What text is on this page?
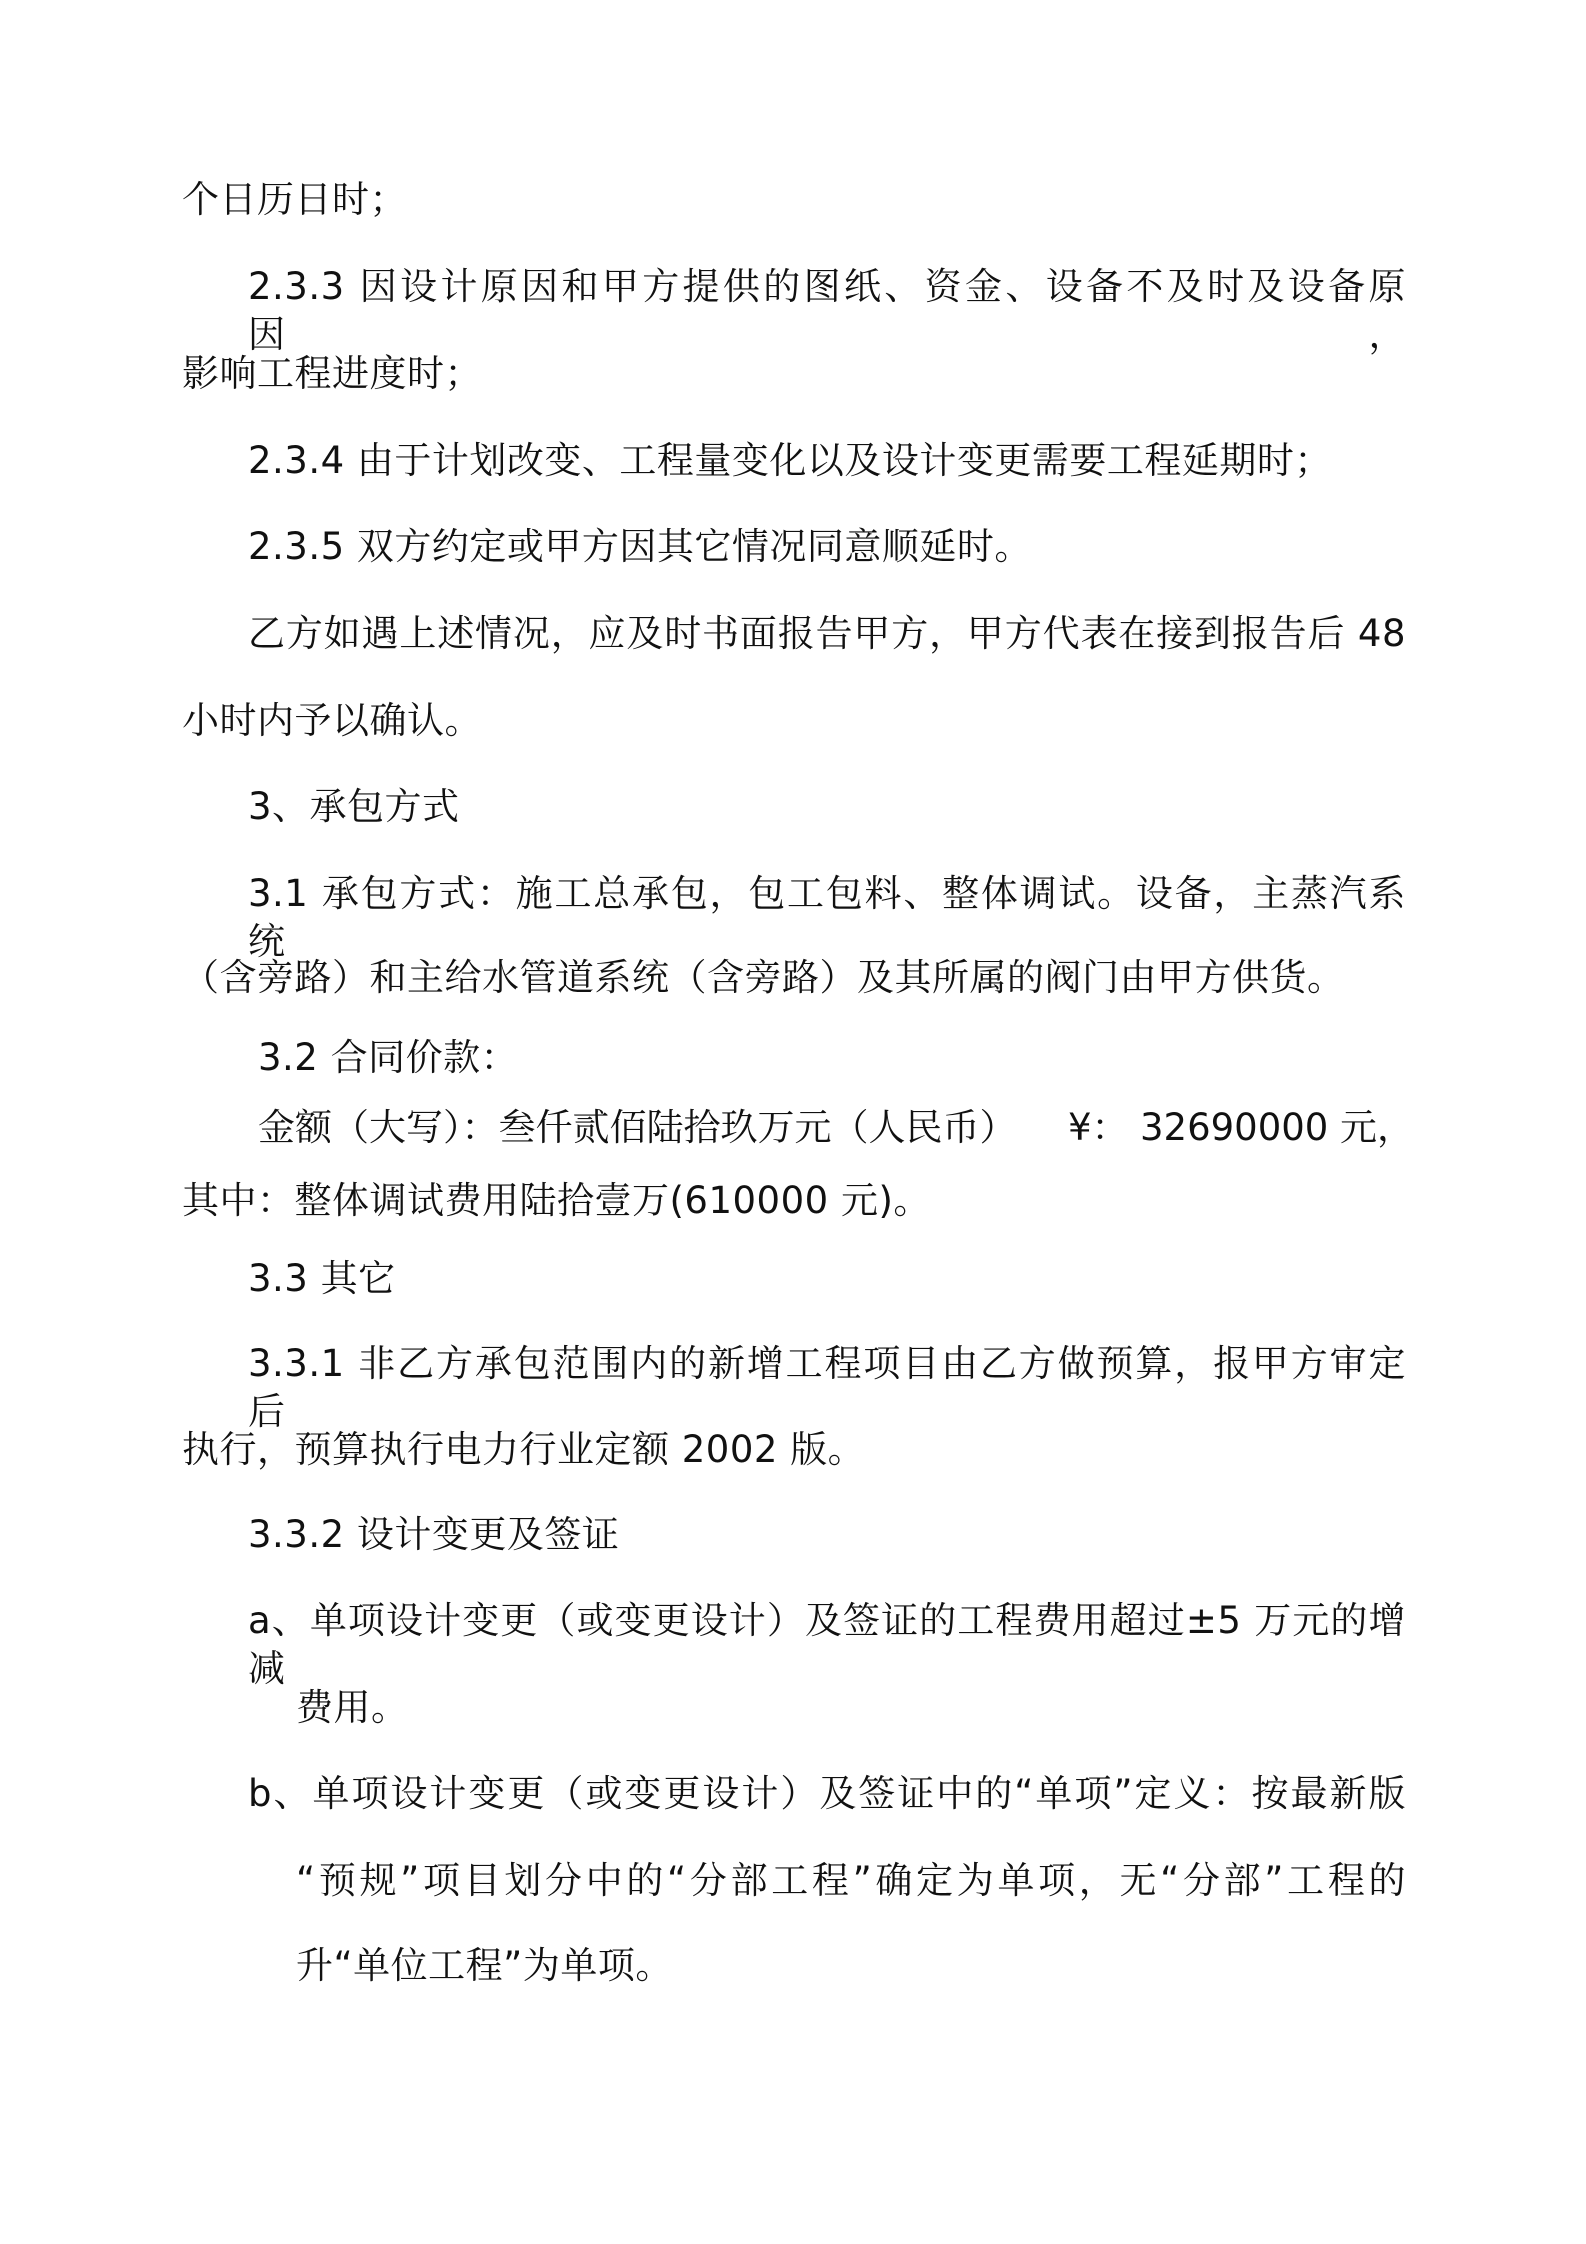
个日历日时；
2.3.3 因设计原因和甲方提供的图纸、资金、设备不及时及设备原因，
影响工程进度时；
2.3.4 由于计划改变、工程量变化以及设计变更需要工程延期时；
2.3.5 双方约定或甲方因其它情况同意顺延时。
乙方如遇上述情况，应及时书面报告甲方，甲方代表在接到报告后 48
小时内予以确认。
3、承包方式
3.1 承包方式：施工总承包，包工包料、整体调试。设备，主蒸汽系统
（含旁路）和主给水管道系统（含旁路）及其所属的阀门由甲方供货。
3.2 合同价款：
金额（大写）：叁仟贰佰陆拾玖万元（人民币） ¥： 32690000 元，
其中：整体调试费用陆拾壹万(610000 元)。
3.3 其它
3.3.1 非乙方承包范围内的新增工程项目由乙方做预算，报甲方审定后
执行，预算执行电力行业定额 2002 版。
3.3.2 设计变更及签证
a、单项设计变更（或变更设计）及签证的工程费用超过±5 万元的增减
费用。
b、单项设计变更（或变更设计）及签证中的“单项”定义：按最新版
“预规”项目划分中的“分部工程”确定为单项，无“分部”工程的
升“单位工程”为单项。
